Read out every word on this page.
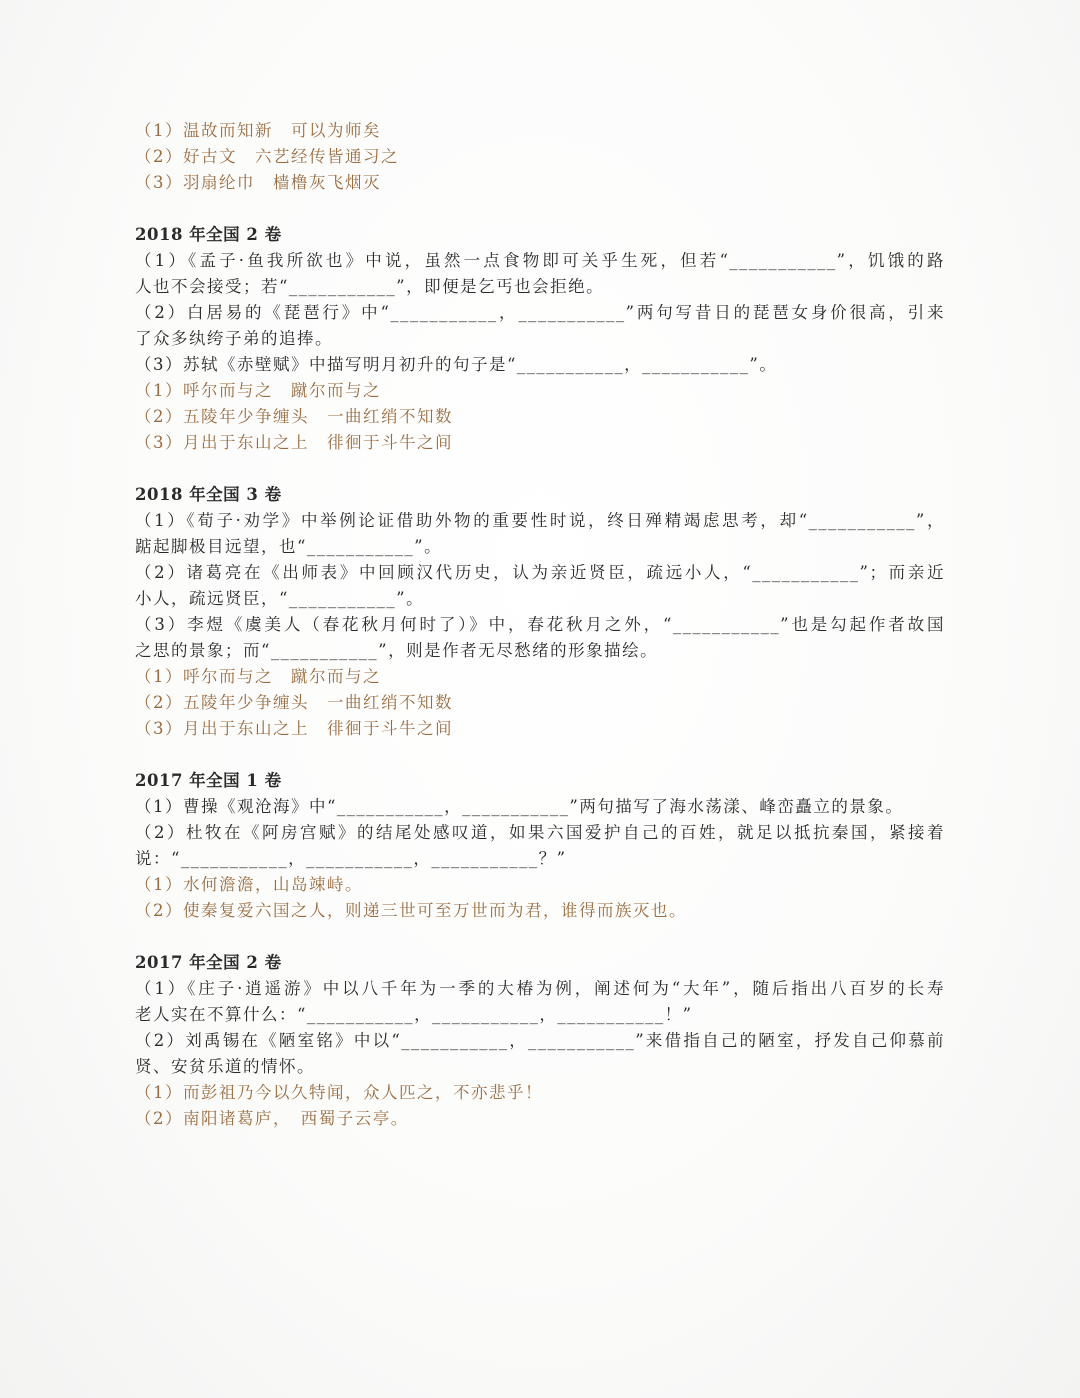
（1）温故而知新　可以为师矣
（2）好古文　六艺经传皆通习之
（3）羽扇纶巾　樯橹灰飞烟灭
2018 年全国 2 卷
（1）《孟子·鱼我所欲也》中说，虽然一点食物即可关乎生死，但若“___________”，饥饿的路
人也不会接受；若“___________”，即便是乞丐也会拒绝。
（2）白居易的《琵琶行》中“___________，___________”两句写昔日的琵琶女身价很高，引来
了众多纨绔子弟的追捧。
（3）苏轼《赤壁赋》中描写明月初升的句子是“___________，___________”。
（1）呼尔而与之　蹴尔而与之
（2）五陵年少争缠头　一曲红绡不知数
（3）月出于东山之上　徘徊于斗牛之间
2018 年全国 3 卷
（1）《荀子·劝学》中举例论证借助外物的重要性时说，终日殚精竭虑思考，却“___________”，
踮起脚极目远望，也“___________”。
（2）诸葛亮在《出师表》中回顾汉代历史，认为亲近贤臣，疏远小人，“___________”；而亲近
小人，疏远贤臣，“___________”。
（3）李煜《虞美人（春花秋月何时了）》中，春花秋月之外，“___________”也是勾起作者故国
之思的景象；而“___________”，则是作者无尽愁绪的形象描绘。
（1）呼尔而与之　蹴尔而与之
（2）五陵年少争缠头　一曲红绡不知数
（3）月出于东山之上　徘徊于斗牛之间
2017 年全国 1 卷
（1）曹操《观沧海》中“___________，___________”两句描写了海水荡漾、峰峦矗立的景象。
（2）杜牧在《阿房宫赋》的结尾处感叹道，如果六国爱护自己的百姓，就足以抵抗秦国，紧接着
说：“___________，___________，___________？”
（1）水何澹澹，山岛竦峙。
（2）使秦复爱六国之人，则递三世可至万世而为君，谁得而族灭也。
2017 年全国 2 卷
（1）《庄子·逍遥游》中以八千年为一季的大椿为例，阐述何为“大年”，随后指出八百岁的长寿
老人实在不算什么：“___________，___________，___________！”
（2）刘禹锡在《陋室铭》中以“___________，___________”来借指自己的陋室，抒发自己仰慕前
贤、安贫乐道的情怀。
（1）而彭祖乃今以久特闻，众人匹之，不亦悲乎！
（2）南阳诸葛庐，　西蜀子云亭。
